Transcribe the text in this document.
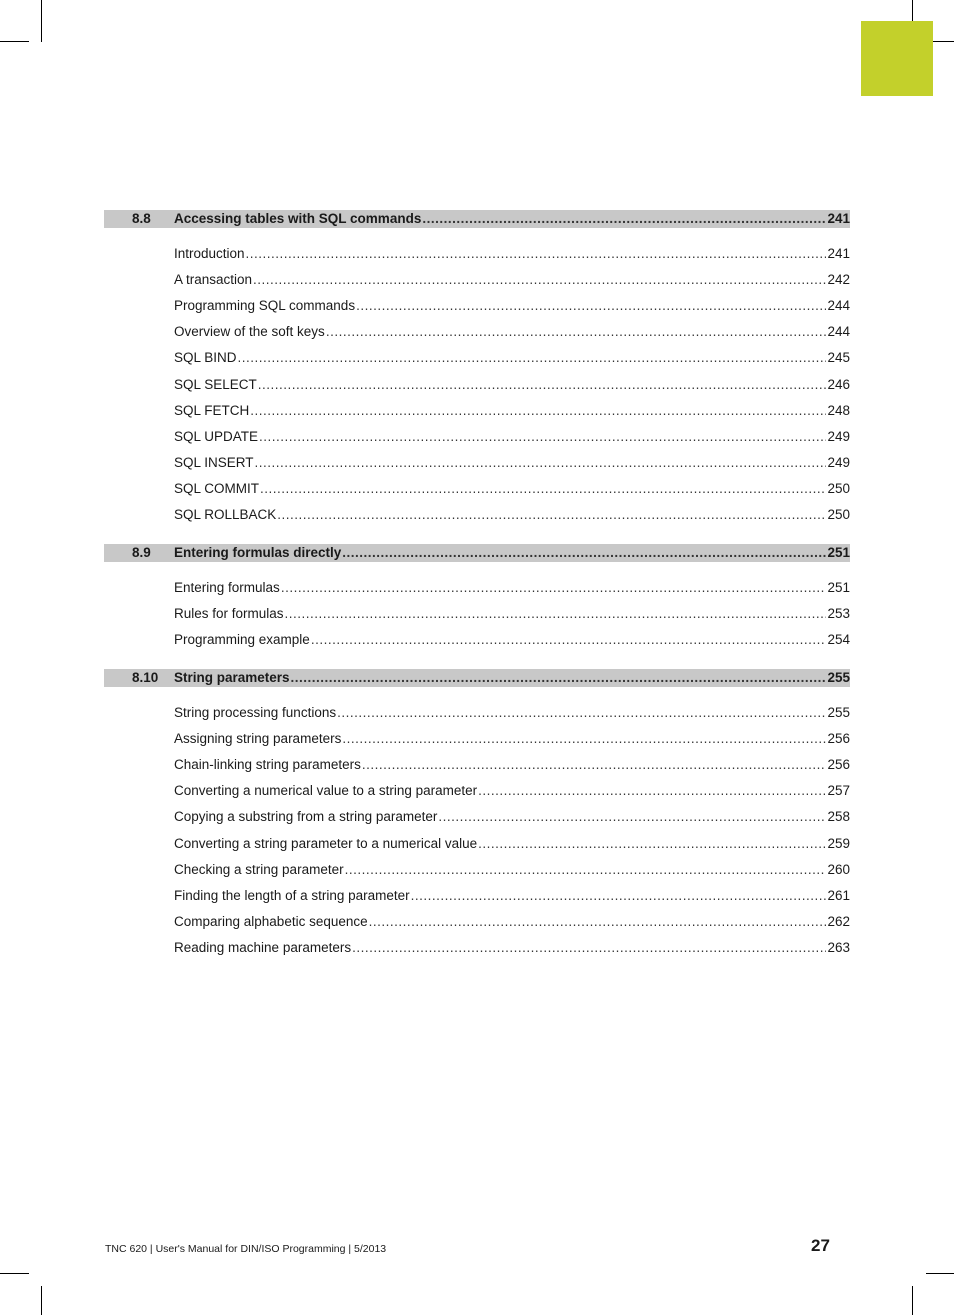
8.8 Accessing tables with SQL commands .....	241
Introduction .....	241
A transaction .....	242
Programming SQL commands .....	244
Overview of the soft keys .....	244
SQL BIND .....	245
SQL SELECT .....	246
SQL FETCH .....	248
SQL UPDATE .....	249
SQL INSERT .....	249
SQL COMMIT .....	250
SQL ROLLBACK .....	250
8.9 Entering formulas directly .....	251
Entering formulas .....	251
Rules for formulas .....	253
Programming example .....	254
8.10 String parameters .....	255
String processing functions .....	255
Assigning string parameters .....	256
Chain-linking string parameters .....	256
Converting a numerical value to a string parameter .....	257
Copying a substring from a string parameter .....	258
Converting a string parameter to a numerical value .....	259
Checking a string parameter .....	260
Finding the length of a string parameter .....	261
Comparing alphabetic sequence .....	262
Reading machine parameters .....	263
TNC 620 | User's Manual for DIN/ISO Programming | 5/2013	27
